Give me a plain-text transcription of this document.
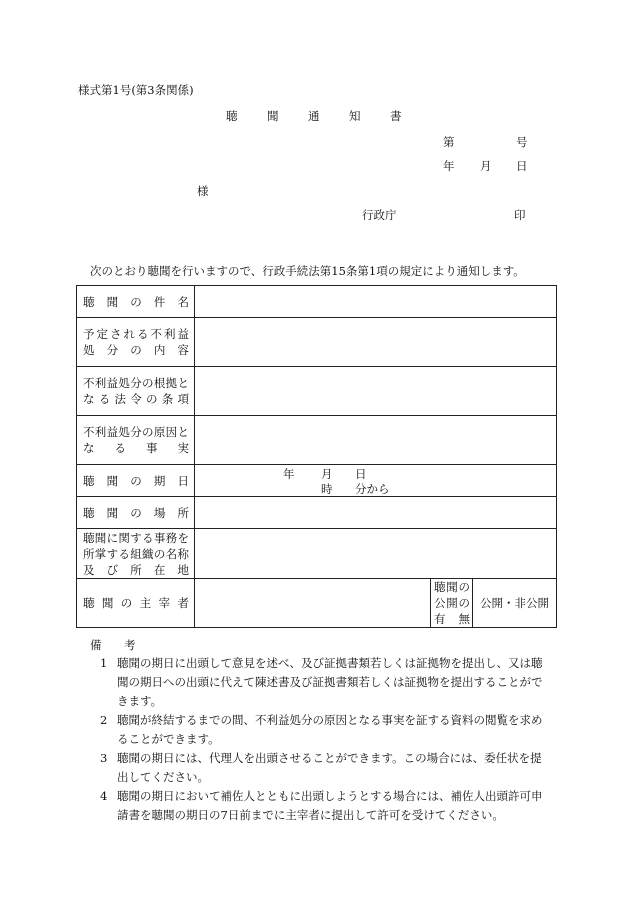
様式第1号(第3条関係)
聴	聞	通	知	書
第	号
年 月 日
様
行政庁	印
次のとおり聴聞を行いますので、行政手続法第15条第1項の規定により通知します。
聴聞の件名			

予定される不利益
処分の内容			

不利益処分の根拠と
なる法令の条項			

不利益処分の原因と
なる事実			

聴聞の期日	年 月 日
時 分から		

聴聞の場所			

聴聞に関する事務を
所掌する組織の名称
及び所在地			

聴聞の主宰者		聴聞の
公開の
有無	公開・非公開
備 考
1 聴聞の期日に出頭して意見を述べ、及び証拠書類若しくは証拠物を提出し、又は聴聞の期日への出頭に代えて陳述書及び証拠書類若しくは証拠物を提出することができます。
2 聴聞が終結するまでの間、不利益処分の原因となる事実を証する資料の閲覧を求めることができます。
3 聴聞の期日には、代理人を出頭させることができます。この場合には、委任状を提出してください。
4 聴聞の期日において補佐人とともに出頭しようとする場合には、補佐人出頭許可申請書を聴聞の期日の7日前までに主宰者に提出して許可を受けてください。
